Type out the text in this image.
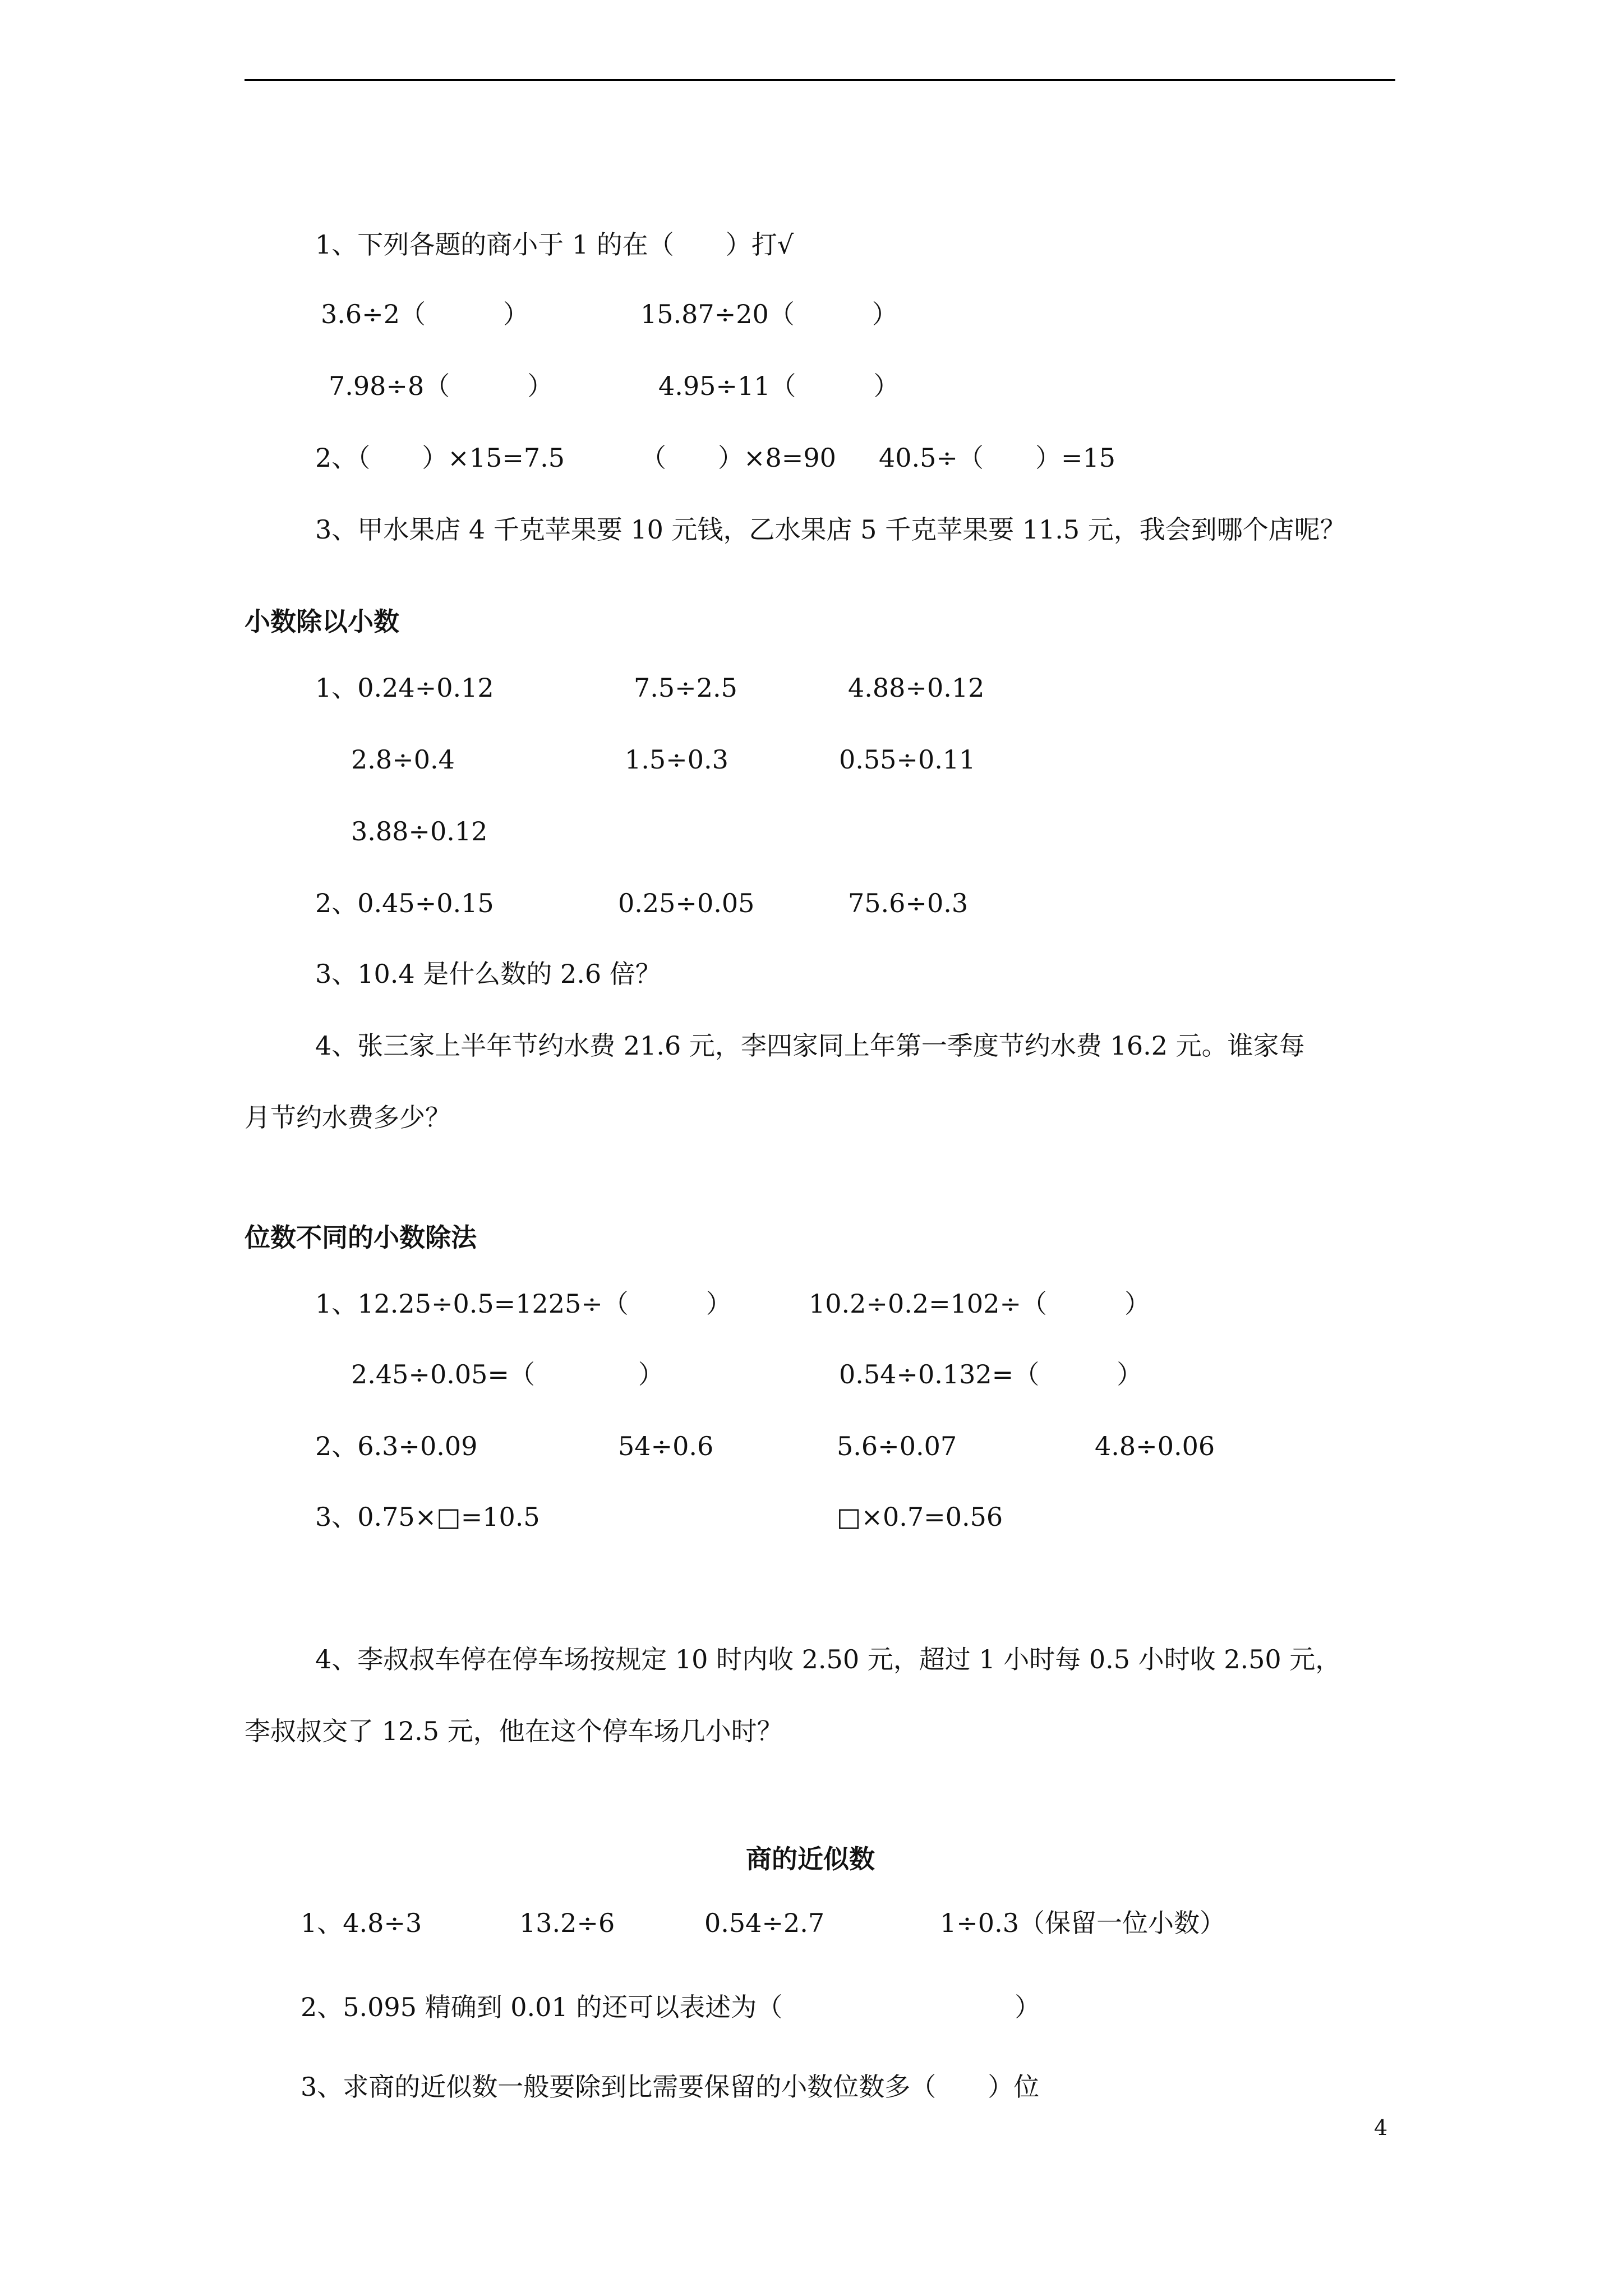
1、下列各题的商小于 1 的在（　　）打√
3.6÷2（　　　）	15.87÷20（　　　）
7.98÷8（　　　）	4.95÷11（　　　）
2、（　　）×15=7.5	（　　）×8=90 40.5÷（　　）=15
3、甲水果店 4 千克苹果要 10 元钱，乙水果店 5 千克苹果要 11.5 元，我会到哪个店呢？
小数除以小数
1、0.24÷0.12	7.5÷2.5	4.88÷0.12
2.8÷0.4	1.5÷0.3	0.55÷0.11
3.88÷0.12
2、0.45÷0.15	0.25÷0.05	75.6÷0.3
3、10.4 是什么数的 2.6 倍？
4、张三家上半年节约水费 21.6 元，李四家同上年第一季度节约水费 16.2 元。谁家每
月节约水费多少？
位数不同的小数除法
1、12.25÷0.5=1225÷（　　　）	10.2÷0.2=102÷（　　　）
2.45÷0.05=（　　　　）	0.54÷0.132=（　　　）
2、6.3÷0.09	54÷0.6	5.6÷0.07	4.8÷0.06
3、0.75×□=10.5	□×0.7=0.56
4、李叔叔车停在停车场按规定 10 时内收 2.50 元，超过 1 小时每 0.5 小时收 2.50 元，
李叔叔交了 12.5 元，他在这个停车场几小时？
商的近似数
1、4.8÷3	13.2÷6	0.54÷2.7	1÷0.3（保留一位小数）
2、5.095 精确到 0.01 的还可以表述为（　　　　　　　　　）
3、求商的近似数一般要除到比需要保留的小数位数多（　　）位
4
